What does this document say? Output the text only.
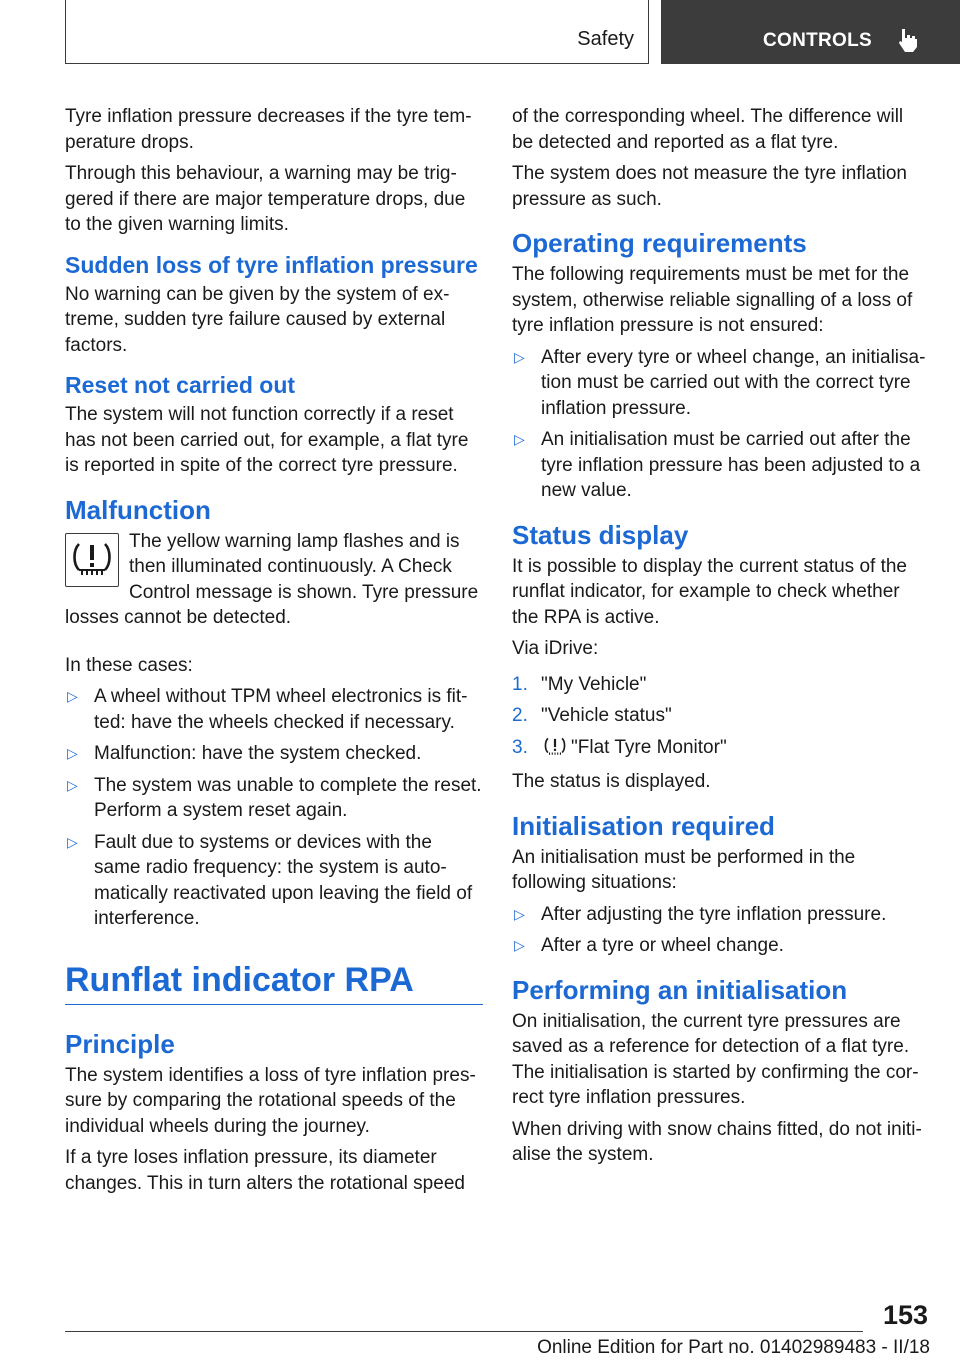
Safety	CONTROLS

Tyre inflation pressure decreases if the tyre temperature drops.

Through this behaviour, a warning may be triggered if there are major temperature drops, due to the given warning limits.

Sudden loss of tyre inflation pressure

No warning can be given by the system of extreme, sudden tyre failure caused by external factors.

Reset not carried out

The system will not function correctly if a reset has not been carried out, for example, a flat tyre is reported in spite of the correct tyre pressure.

Malfunction

The yellow warning lamp flashes and is then illuminated continuously. A Check Control message is shown. Tyre pressure losses cannot be detected.

In these cases:

▷ A wheel without TPM wheel electronics is fitted: have the wheels checked if necessary.
▷ Malfunction: have the system checked.
▷ The system was unable to complete the reset. Perform a system reset again.
▷ Fault due to systems or devices with the same radio frequency: the system is automatically reactivated upon leaving the field of interference.
Runflat indicator RPA
Principle

The system identifies a loss of tyre inflation pressure by comparing the rotational speeds of the individual wheels during the journey.

If a tyre loses inflation pressure, its diameter changes. This in turn alters the rotational speed

of the corresponding wheel. The difference will be detected and reported as a flat tyre.

The system does not measure the tyre inflation pressure as such.

Operating requirements

The following requirements must be met for the system, otherwise reliable signalling of a loss of tyre inflation pressure is not ensured:

▷ After every tyre or wheel change, an initialisation must be carried out with the correct tyre inflation pressure.
▷ An initialisation must be carried out after the tyre inflation pressure has been adjusted to a new value.
Status display

It is possible to display the current status of the runflat indicator, for example to check whether the RPA is active.

Via iDrive:

1. "My Vehicle"
2. "Vehicle status"
3. "Flat Tyre Monitor"

The status is displayed.

Initialisation required

An initialisation must be performed in the following situations:

▷ After adjusting the tyre inflation pressure.
▷ After a tyre or wheel change.
Performing an initialisation

On initialisation, the current tyre pressures are saved as a reference for detection of a flat tyre. The initialisation is started by confirming the correct tyre inflation pressures.

When driving with snow chains fitted, do not initialise the system.

153
Online Edition for Part no. 01402989483 - II/18
